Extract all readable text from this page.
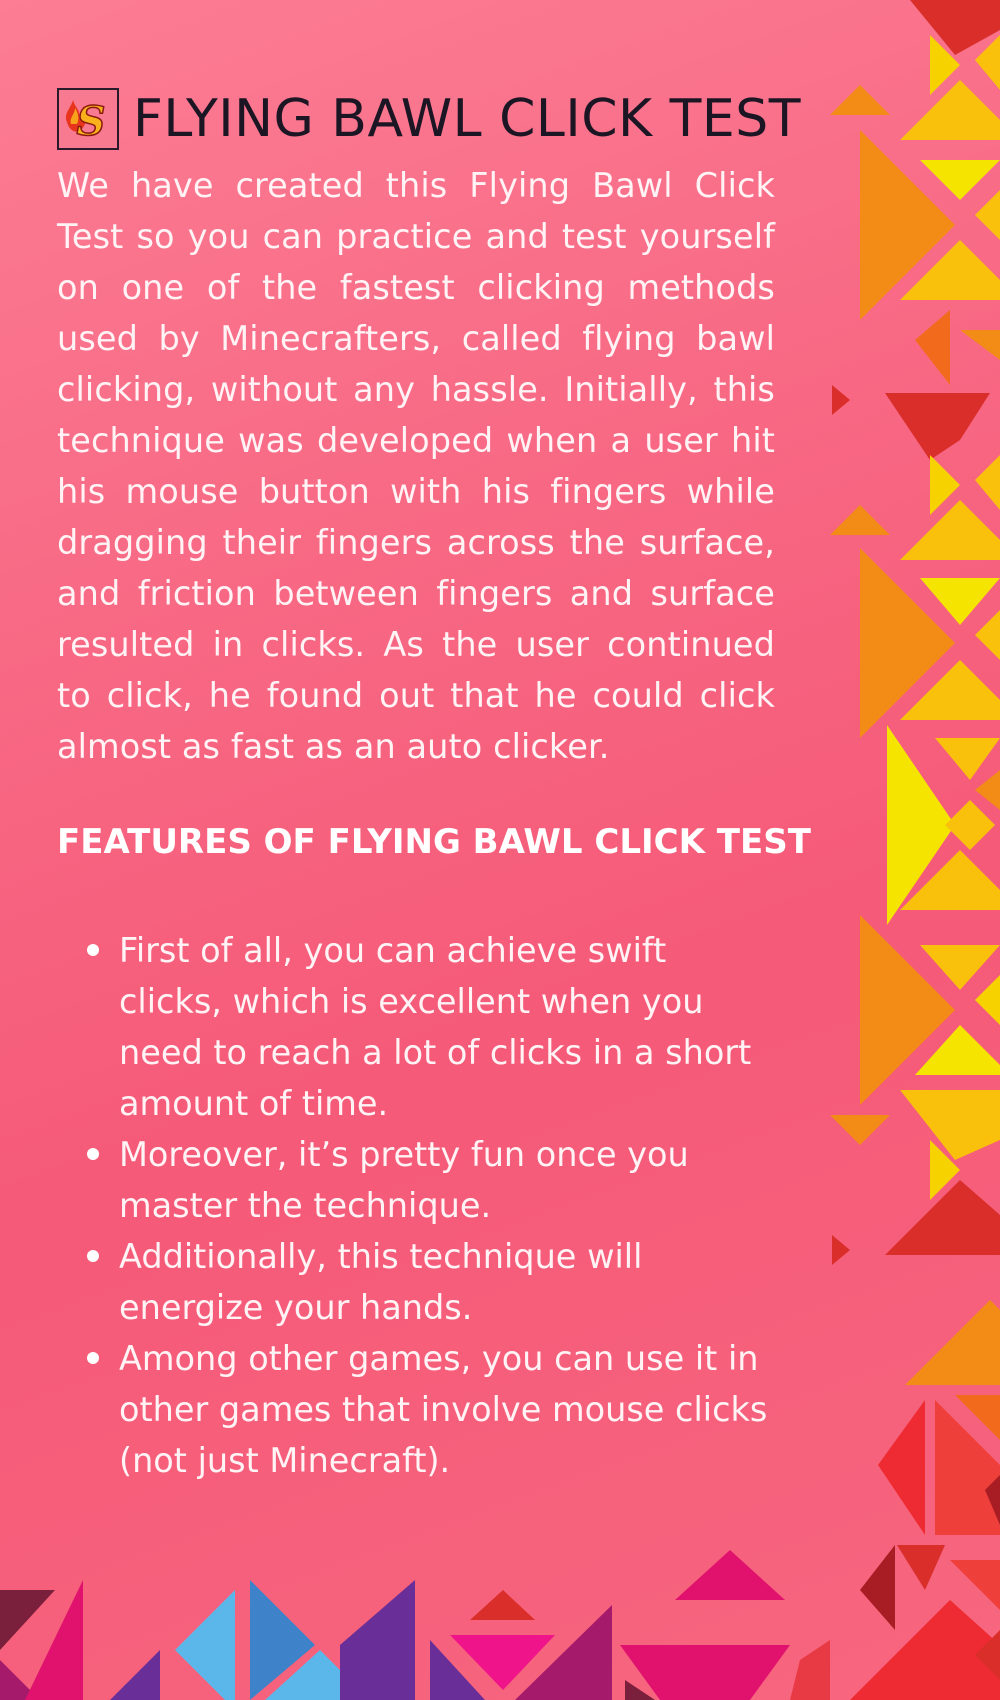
S FLYING BAWL CLICK TEST

We have created this Flying Bawl Click Test so you can practice and test yourself on one of the fastest clicking methods used by Minecrafters, called flying bawl clicking, without any hassle. Initially, this technique was developed when a user hit his mouse button with his fingers while dragging their fingers across the surface, and friction between fingers and surface resulted in clicks. As the user continued to click, he found out that he could click almost as fast as an auto clicker.

FEATURES OF FLYING BAWL CLICK TEST
First of all, you can achieve swift clicks, which is excellent when you need to reach a lot of clicks in a short amount of time.
Moreover, it’s pretty fun once you master the technique.
Additionally, this technique will energize your hands.
Among other games, you can use it in other games that involve mouse clicks (not just Minecraft).
